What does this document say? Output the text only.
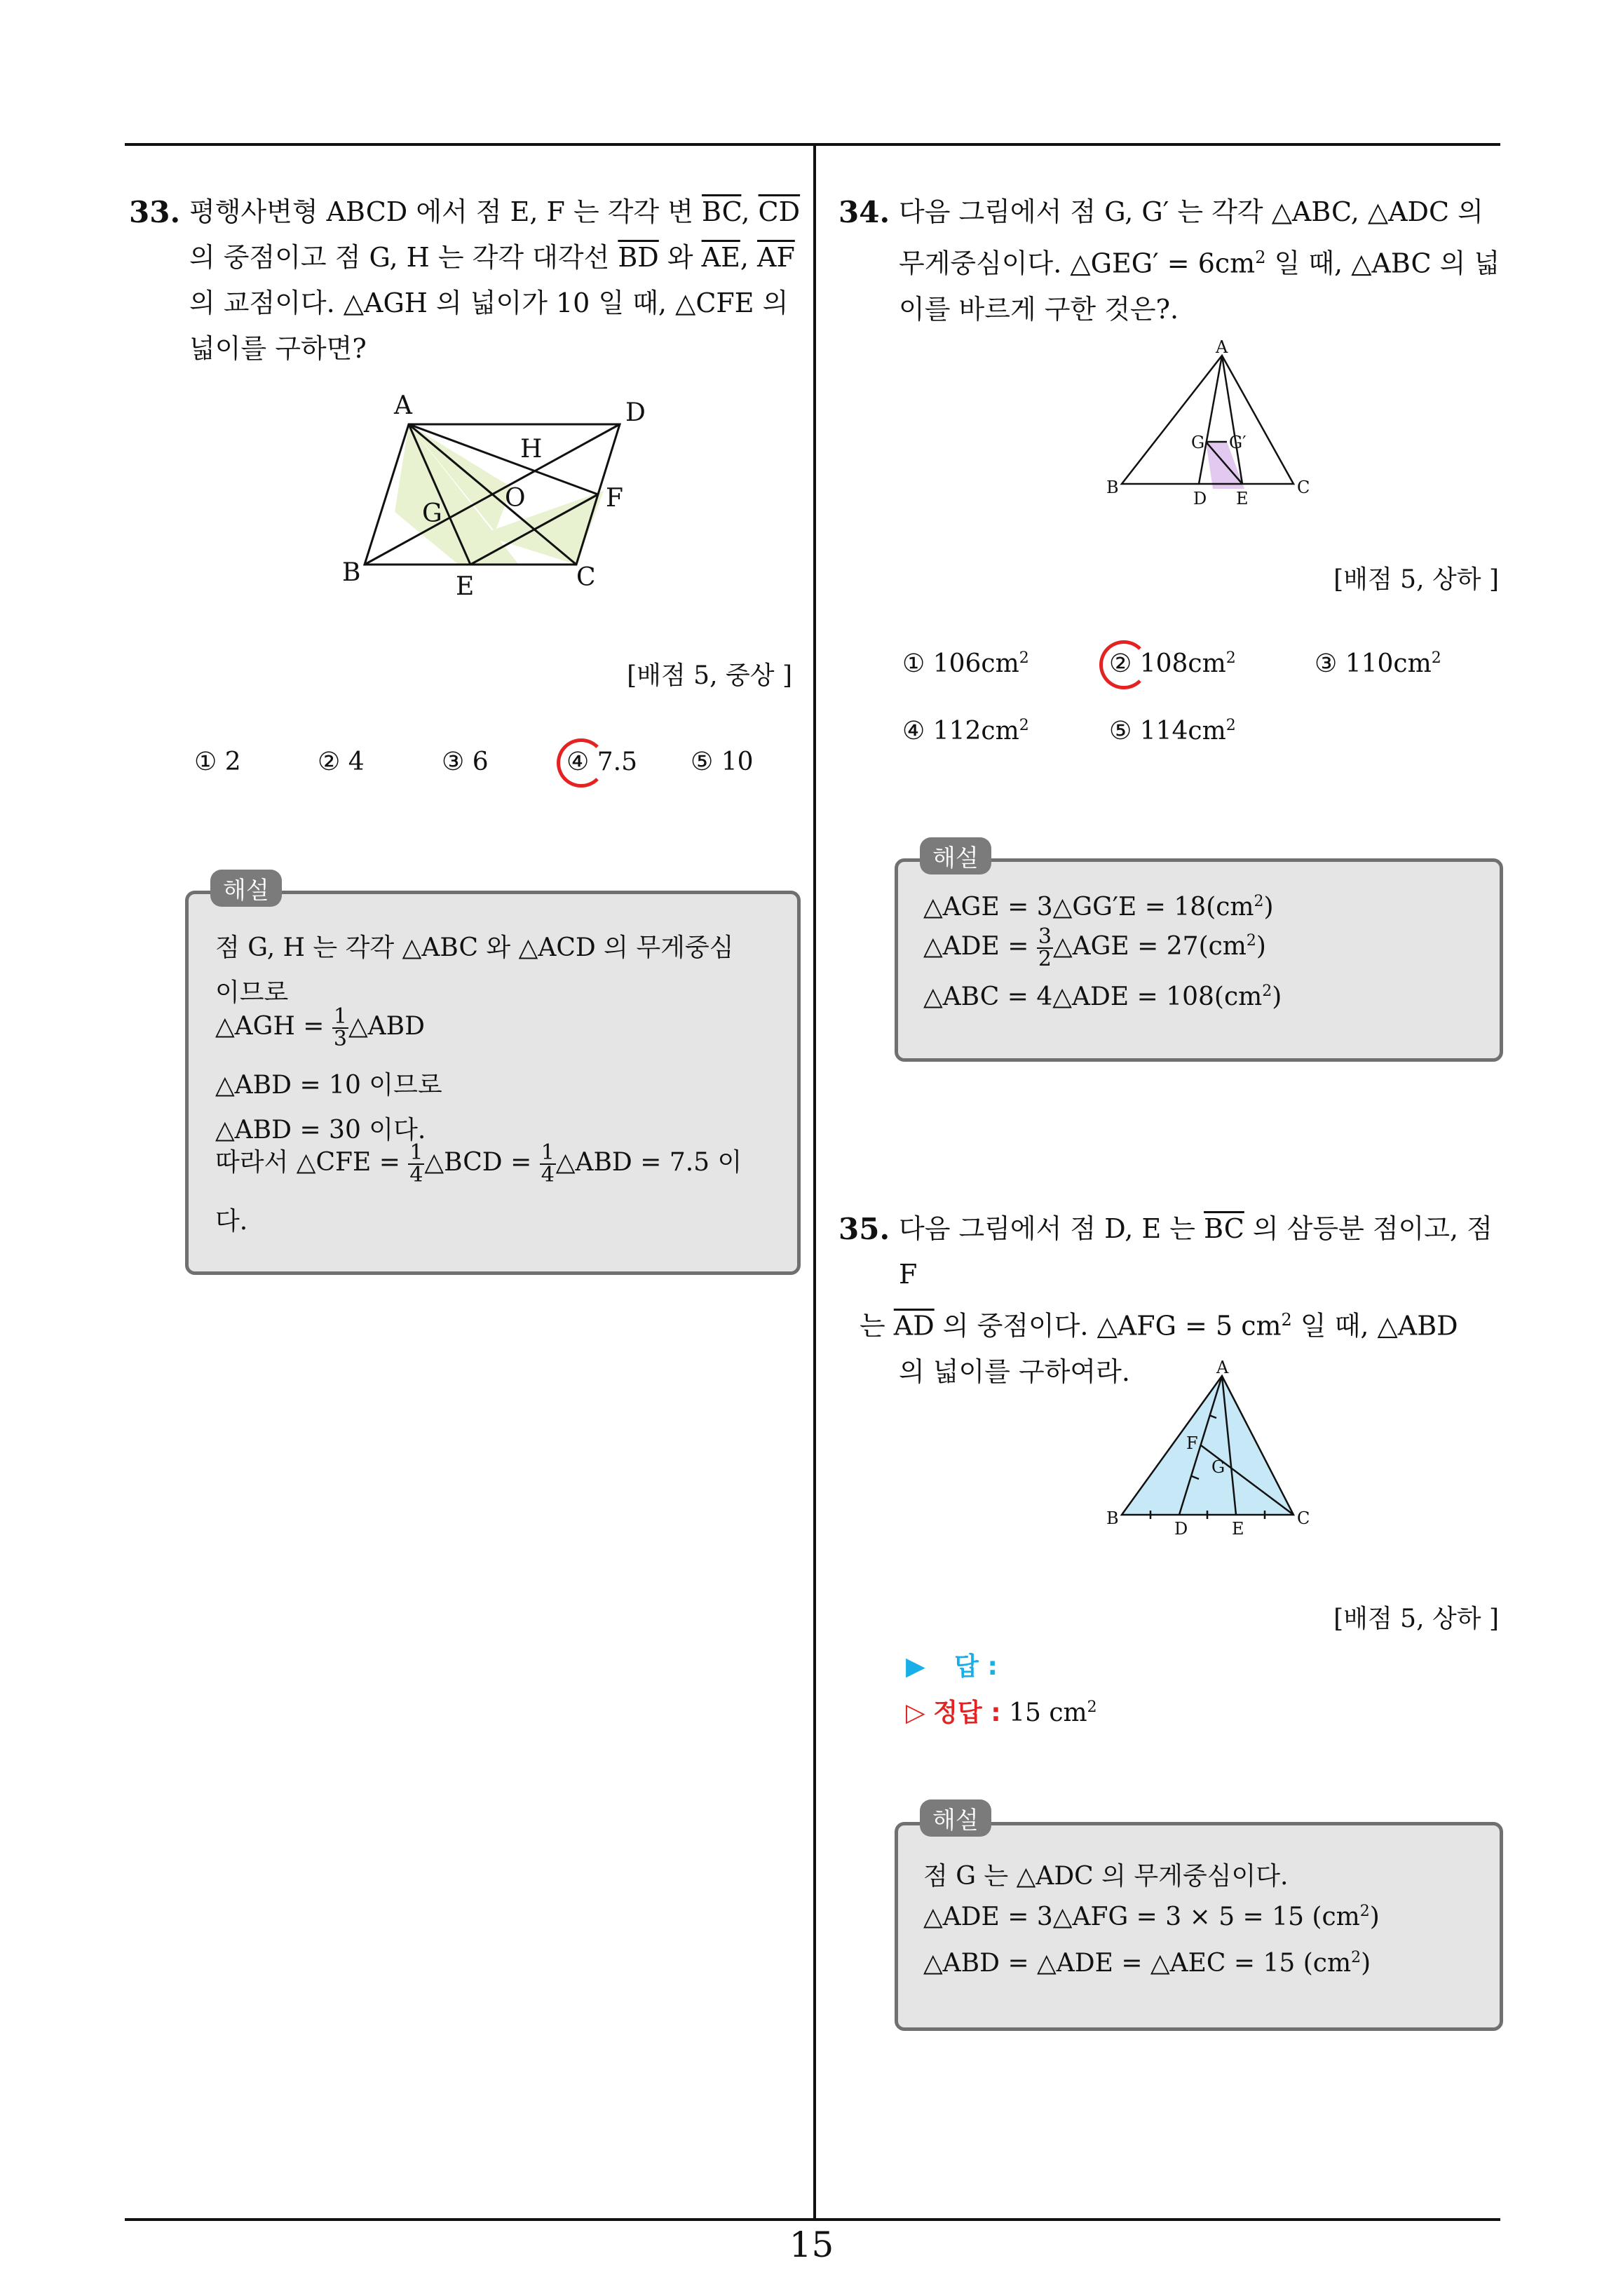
15
33. 평행사변형 ABCD 에서 점 E, F 는 각각 변 $\overline{BC}$, $\overline{CD}$
의 중점이고 점 G, H 는 각각 대각선 $\overline{BD}$ 와 $\overline{AE}$, $\overline{AF}$
의 교점이다. △AGH 의 넓이가 10 일 때, △CFE 의
넓이를 구하면?
A	D
H
G
O	F
B	E	C
[배점 5, 중상 ]
① 2	② 4	③ 6	④ 7.5 ⑤ 10
점 G, H 는 각각 △ABC 와 △ACD 의 무게중심
이므로
△AGH = $\frac{1}{3}$ △ABD
△ABD = 10 이므로
△ABD = 30 이다.
따라서 △CFE = $\frac{1}{4}$ △BCD = $\frac{1}{4}$ △ABD = 7.5 이
다.
해설
34. 다음 그림에서 점 G, G′ 는 각각 △ABC, △ADC 의
무게중심이다. △GEG′ = $6cm^2$ 일 때, △ABC 의 넓
이를 바르게 구한 것은?.
A
G G′
B
D E
C
[배점 5, 상하 ]
① $106cm^2$	② $108cm^2$	③ $110cm^2$
④ $112cm^2$	⑤ $114cm^2$
△AGE = 3△GG′E = $18(cm^2)$
△ADE = $\frac{3}{2}$ △AGE = $27(cm^2)$
△ABC = 4△ADE = $108(cm^2)$
해설
35. 다음 그림에서 점 D, E 는 $\overline{BC}$ 의 삼등분 점이고, 점 F
는 $\overline{AD}$ 의 중점이다. △AFG = 5 $cm^2$ 일 때, △ABD
의 넓이를 구하여라.	A
F
G
B
D	E
C
[배점 5, 상하 ]
▶ 답 :
▷ 정답 : 15 $cm^2$
점 G 는 △ADC 의 무게중심이다.
△ADE = 3△AFG = 3 × 5 = 15 $(cm^2)$
△ABD = △ADE = △AEC = 15 $(cm^2)$
해설
